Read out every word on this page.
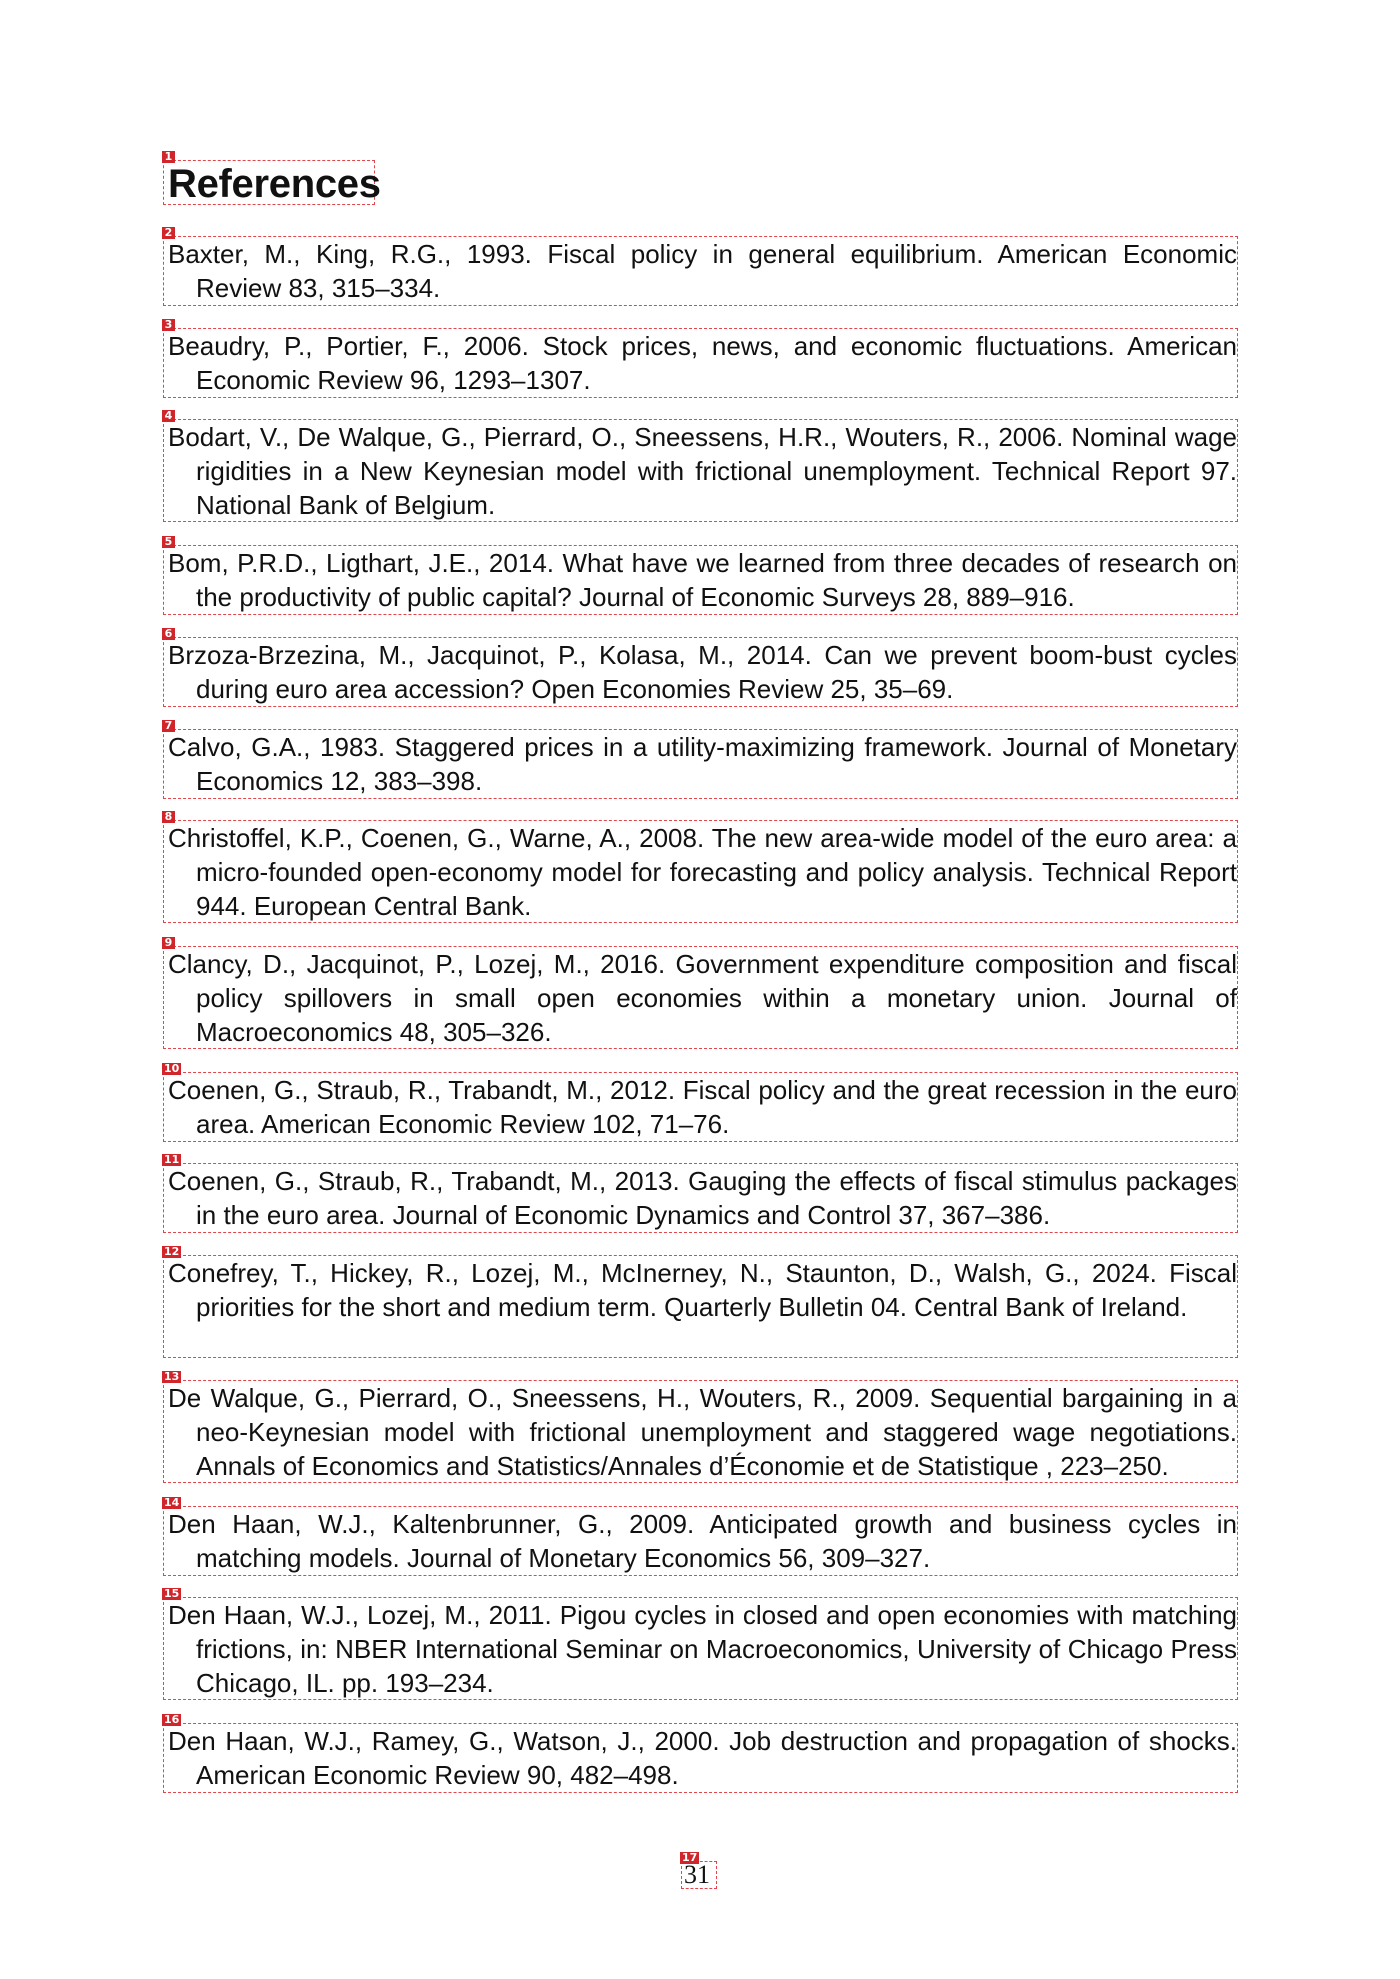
1
References
2
Baxter, M., King, R.G., 1993. Fiscal policy in general equilibrium. American Economic Review 83, 315–334.
3
Beaudry, P., Portier, F., 2006. Stock prices, news, and economic fluctuations. American Economic Review 96, 1293–1307.
4
Bodart, V., De Walque, G., Pierrard, O., Sneessens, H.R., Wouters, R., 2006. Nominal wage rigidities in a New Keynesian model with frictional unemployment. Technical Report 97. National Bank of Belgium.
5
Bom, P.R.D., Ligthart, J.E., 2014. What have we learned from three decades of research on the productivity of public capital? Journal of Economic Surveys 28, 889–916.
6
Brzoza-Brzezina, M., Jacquinot, P., Kolasa, M., 2014. Can we prevent boom-bust cycles during euro area accession? Open Economies Review 25, 35–69.
7
Calvo, G.A., 1983. Staggered prices in a utility-maximizing framework. Journal of Monetary Economics 12, 383–398.
8
Christoffel, K.P., Coenen, G., Warne, A., 2008. The new area-wide model of the euro area: a micro-founded open-economy model for forecasting and policy analysis. Technical Report 944. European Central Bank.
9
Clancy, D., Jacquinot, P., Lozej, M., 2016. Government expenditure composition and fiscal policy spillovers in small open economies within a monetary union. Journal of Macroeconomics 48, 305–326.
10
Coenen, G., Straub, R., Trabandt, M., 2012. Fiscal policy and the great recession in the euro area. American Economic Review 102, 71–76.
11
Coenen, G., Straub, R., Trabandt, M., 2013. Gauging the effects of fiscal stimulus packages in the euro area. Journal of Economic Dynamics and Control 37, 367–386.
12
Conefrey, T., Hickey, R., Lozej, M., McInerney, N., Staunton, D., Walsh, G., 2024. Fiscal priorities for the short and medium term. Quarterly Bulletin 04. Central Bank of Ireland.
13
De Walque, G., Pierrard, O., Sneessens, H., Wouters, R., 2009. Sequential bargaining in a neo-Keynesian model with frictional unemployment and staggered wage negotiations. Annals of Economics and Statistics/Annales d’Économie et de Statistique , 223–250.
14
Den Haan, W.J., Kaltenbrunner, G., 2009. Anticipated growth and business cycles in matching models. Journal of Monetary Economics 56, 309–327.
15
Den Haan, W.J., Lozej, M., 2011. Pigou cycles in closed and open economies with matching frictions, in: NBER International Seminar on Macroeconomics, University of Chicago Press Chicago, IL. pp. 193–234.
16
Den Haan, W.J., Ramey, G., Watson, J., 2000. Job destruction and propagation of shocks. American Economic Review 90, 482–498.
17
31
